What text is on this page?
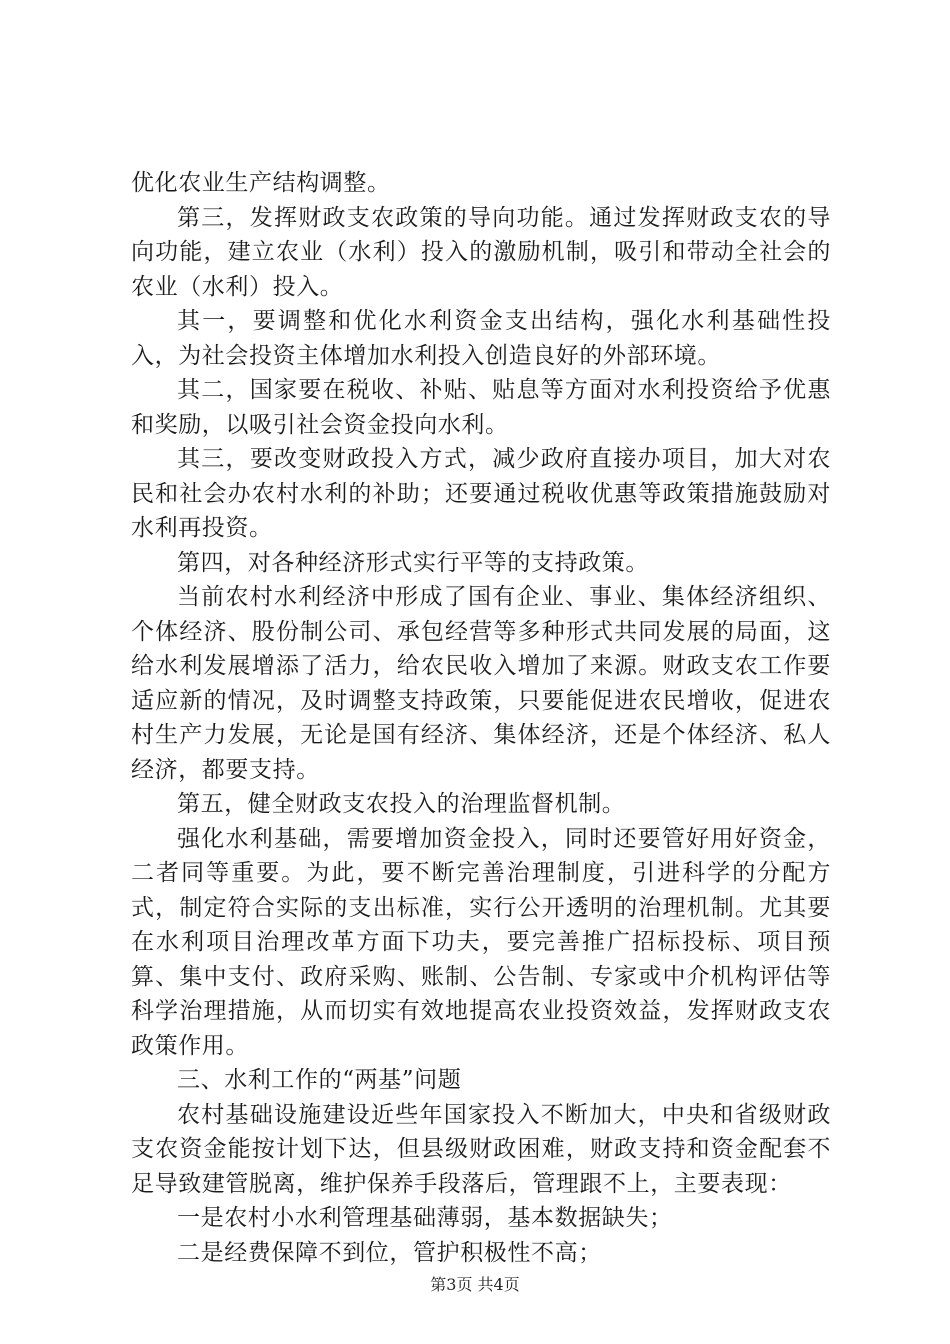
优化农业生产结构调整。

第三，发挥财政支农政策的导向功能。通过发挥财政支农的导向功能，建立农业（水利）投入的激励机制，吸引和带动全社会的农业（水利）投入。

其一，要调整和优化水利资金支出结构，强化水利基础性投入，为社会投资主体增加水利投入创造良好的外部环境。

其二，国家要在税收、补贴、贴息等方面对水利投资给予优惠和奖励，以吸引社会资金投向水利。

其三，要改变财政投入方式，减少政府直接办项目，加大对农民和社会办农村水利的补助；还要通过税收优惠等政策措施鼓励对水利再投资。

第四，对各种经济形式实行平等的支持政策。

当前农村水利经济中形成了国有企业、事业、集体经济组织、个体经济、股份制公司、承包经营等多种形式共同发展的局面，这给水利发展增添了活力，给农民收入增加了来源。财政支农工作要适应新的情况，及时调整支持政策，只要能促进农民增收，促进农村生产力发展，无论是国有经济、集体经济，还是个体经济、私人经济，都要支持。

第五，健全财政支农投入的治理监督机制。

强化水利基础，需要增加资金投入，同时还要管好用好资金，二者同等重要。为此，要不断完善治理制度，引进科学的分配方式，制定符合实际的支出标准，实行公开透明的治理机制。尤其要在水利项目治理改革方面下功夫，要完善推广招标投标、项目预算、集中支付、政府采购、账制、公告制、专家或中介机构评估等科学治理措施，从而切实有效地提高农业投资效益，发挥财政支农政策作用。

三、水利工作的“两基”问题

农村基础设施建设近些年国家投入不断加大，中央和省级财政支农资金能按计划下达，但县级财政困难，财政支持和资金配套不足导致建管脱离，维护保养手段落后，管理跟不上，主要表现：

一是农村小水利管理基础薄弱，基本数据缺失；

二是经费保障不到位，管护积极性不高；

第3页 共4页
